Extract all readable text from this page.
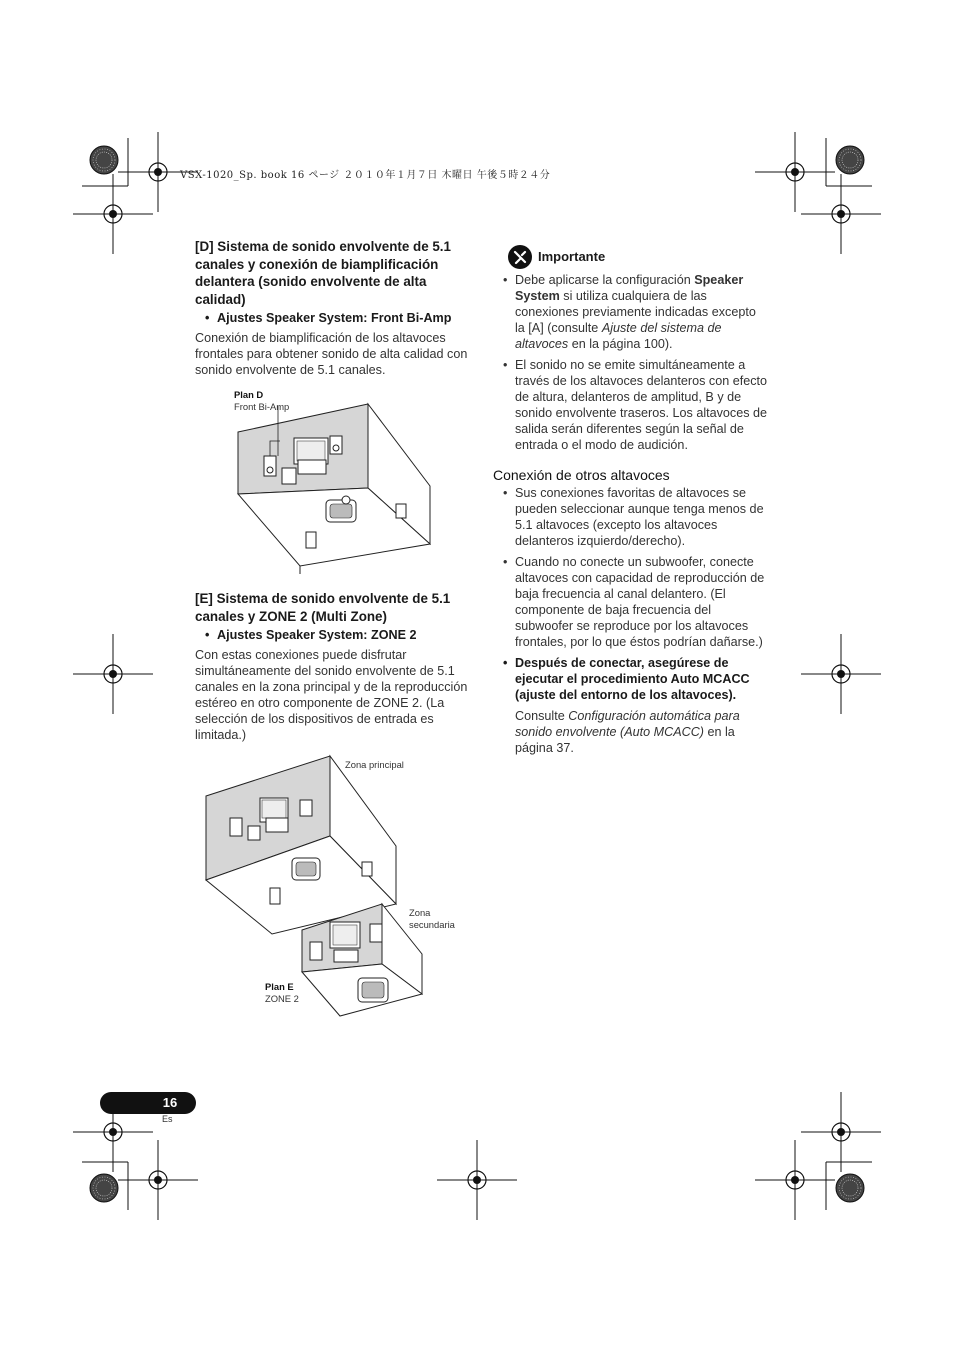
VSX-1020_Sp. book 16 ページ ２０１０年１月７日 木曜日 午後５時２４分
[D] Sistema de sonido envolvente de 5.1 canales y conexión de biamplificación delantera (sonido envolvente de alta calidad)
• Ajustes Speaker System: Front Bi-Amp

Conexión de biamplificación de los altavoces frontales para obtener sonido de alta calidad con sonido envolvente de 5.1 canales.

Plan D
Front Bi-Amp
[E] Sistema de sonido envolvente de 5.1 canales y ZONE 2 (Multi Zone)
• Ajustes Speaker System: ZONE 2

Con estas conexiones puede disfrutar simultáneamente del sonido envolvente de 5.1 canales en la zona principal y de la reproducción estéreo en otro componente de ZONE 2. (La selección de los dispositivos de entrada es limitada.)

Zona principal
Zona
secundaria
Plan E
ZONE 2
Importante
• Debe aplicarse la configuración Speaker System si utiliza cualquiera de las conexiones previamente indicadas excepto la [A] (consulte Ajuste del sistema de altavoces en la página 100).
• El sonido no se emite simultáneamente a través de los altavoces delanteros con efecto de altura, delanteros de amplitud, B y de sonido envolvente traseros. Los altavoces de salida serán diferentes según la señal de entrada o el modo de audición.
Conexión de otros altavoces
• Sus conexiones favoritas de altavoces se pueden seleccionar aunque tenga menos de 5.1 altavoces (excepto los altavoces delanteros izquierdo/derecho).
• Cuando no conecte un subwoofer, conecte altavoces con capacidad de reproducción de baja frecuencia al canal delantero. (El componente de baja frecuencia del subwoofer se reproduce por los altavoces frontales, por lo que éstos podrían dañarse.)
• Después de conectar, asegúrese de ejecutar el procedimiento Auto MCACC (ajuste del entorno de los altavoces).

Consulte Configuración automática para sonido envolvente (Auto MCACC) en la página 37.

16
Es
